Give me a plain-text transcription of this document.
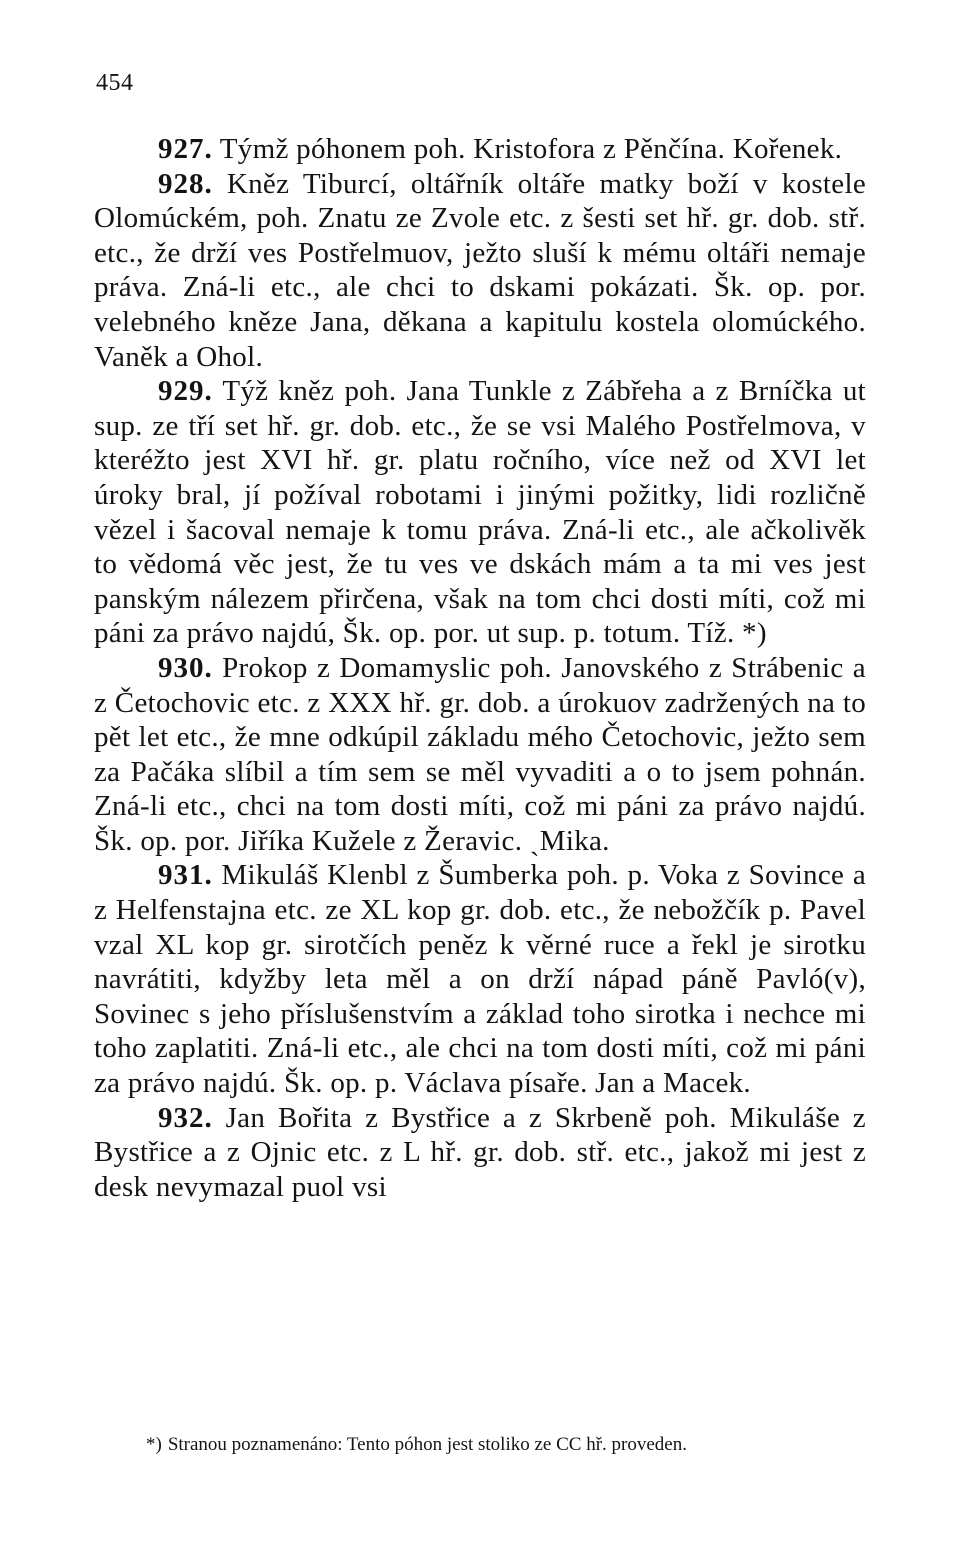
454

927. Týmž póhonem poh. Kristofora z Pěnčína. Kořenek.

928. Kněz Tiburcí, oltářník oltáře matky boží v kostele Olomúckém, poh. Znatu ze Zvole etc. z šesti set hř. gr. dob. stř. etc., že drží ves Postřelmuov, ježto sluší k mému oltáři nemaje práva. Zná-li etc., ale chci to dskami pokázati. Šk. op. por. velebného kněze Jana, děkana a kapitulu kostela olomúckého. Vaněk a Ohol.

929. Týž kněz poh. Jana Tunkle z Zábřeha a z Brníčka ut sup. ze tří set hř. gr. dob. etc., že se vsi Malého Postřelmova, v kteréžto jest XVI hř. gr. platu ročního, více než od XVI let úroky bral, jí požíval robotami i jinými požitky, lidi rozličně vězel i šacoval nemaje k tomu práva. Zná-li etc., ale ačkolivěk to vědomá věc jest, že tu ves ve dskách mám a ta mi ves jest panským nálezem přirčena, však na tom chci dosti míti, což mi páni za právo najdú, Šk. op. por. ut sup. p. totum. Tíž. *)

930. Prokop z Domamyslic poh. Janovského z Strábenic a z Četochovic etc. z XXX hř. gr. dob. a úrokuov zadržených na to pět let etc., že mne odkúpil základu mého Četochovic, ježto sem za Pačáka slíbil a tím sem se měl vyvaditi a o to jsem pohnán. Zná-li etc., chci na tom dosti míti, což mi páni za právo najdú. Šk. op. por. Jiříka Kužele z Žeravic. ˏMika.

931. Mikuláš Klenbl z Šumberka poh. p. Voka z Sovince a z Helfenstajna etc. ze XL kop gr. dob. etc., že nebožčík p. Pavel vzal XL kop gr. sirotčích peněz k věrné ruce a řekl je sirotku navrátiti, kdyžby leta měl a on drží nápad páně Pavló(v), Sovinec s jeho příslušenstvím a základ toho sirotka i nechce mi toho zaplatiti. Zná-li etc., ale chci na tom dosti míti, což mi páni za právo najdú. Šk. op. p. Václava písaře. Jan a Macek.

932. Jan Bořita z Bystřice a z Skrbeně poh. Mikuláše z Bystřice a z Ojnic etc. z L hř. gr. dob. stř. etc., jakož mi jest z desk nevymazal puol vsi

*) Stranou poznamenáno: Tento póhon jest stoliko ze CC hř. proveden.
